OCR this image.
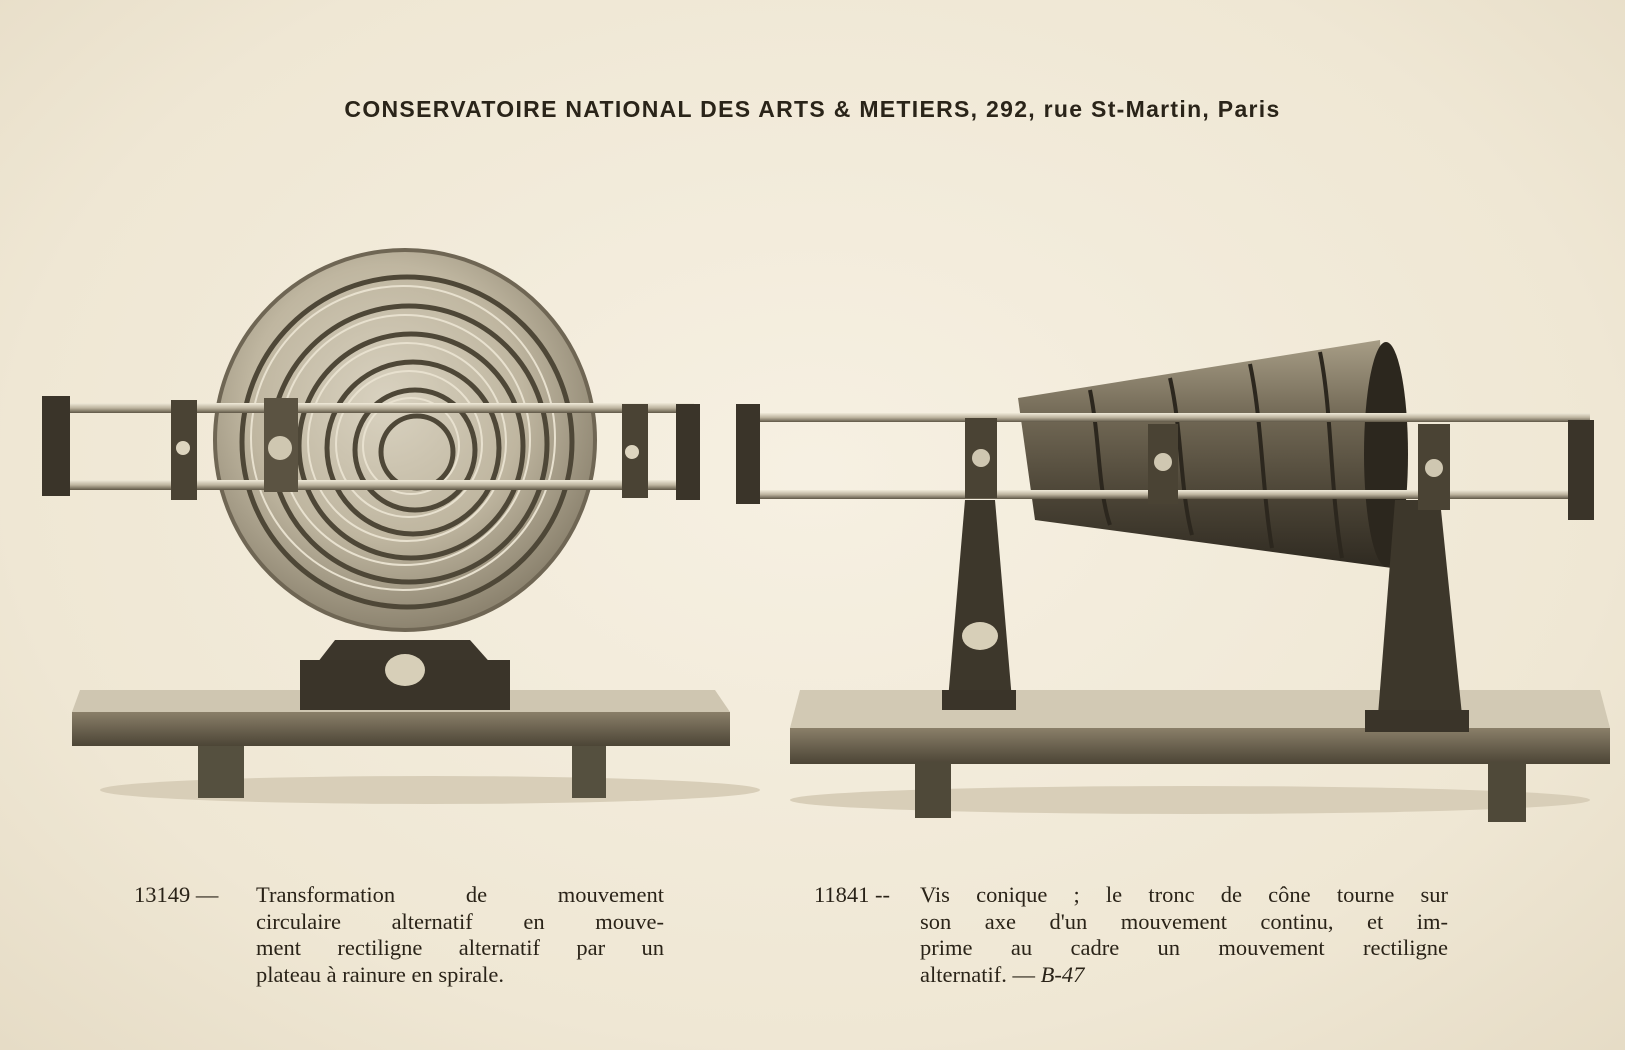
CONSERVATOIRE NATIONAL DES ARTS & METIERS, 292, rue St-Martin, Paris
13149 — Transformation de mouvement
circulaire alternatif en mouve-
ment rectiligne alternatif par un
plateau à rainure en spirale.
11841 -- Vis conique ; le tronc de cône tourne sur
son axe d'un mouvement continu, et im-
prime au cadre un mouvement rectiligne
alternatif. — B-47
